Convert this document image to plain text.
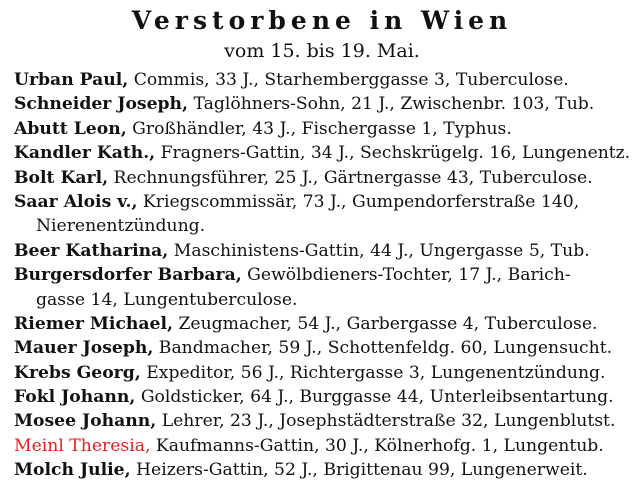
Verstorbene in Wien
vom 15. bis 19. Mai.
Urban Paul, Commis, 33 J., Starhemberggasse 3, Tuberculose.
Schneider Joseph, Taglöhners-Sohn, 21 J., Zwischenbr. 103, Tub.
Abutt Leon, Großhändler, 43 J., Fischergasse 1, Typhus.
Kandler Kath., Fragners-Gattin, 34 J., Sechskrügelg. 16, Lungenentz.
Bolt Karl, Rechnungsführer, 25 J., Gärtnergasse 43, Tuberculose.
Saar Alois v., Kriegscommissär, 73 J., Gumpendorferstraße 140,
Nierenentzündung.
Beer Katharina, Maschinistens-Gattin, 44 J., Ungergasse 5, Tub.
Burgersdorfer Barbara, Gewölbdieners-Tochter, 17 J., Barich-
gasse 14, Lungentuberculose.
Riemer Michael, Zeugmacher, 54 J., Garbergasse 4, Tuberculose.
Mauer Joseph, Bandmacher, 59 J., Schottenfeldg. 60, Lungensucht.
Krebs Georg, Expeditor, 56 J., Richtergasse 3, Lungenentzündung.
Fokl Johann, Goldsticker, 64 J., Burggasse 44, Unterleibsentartung.
Mosee Johann, Lehrer, 23 J., Josephstädterstraße 32, Lungenblutst.
Meinl Theresia, Kaufmanns-Gattin, 30 J., Kölnerhofg. 1, Lungentub.
Molch Julie, Heizers-Gattin, 52 J., Brigittenau 99, Lungenerweit.
